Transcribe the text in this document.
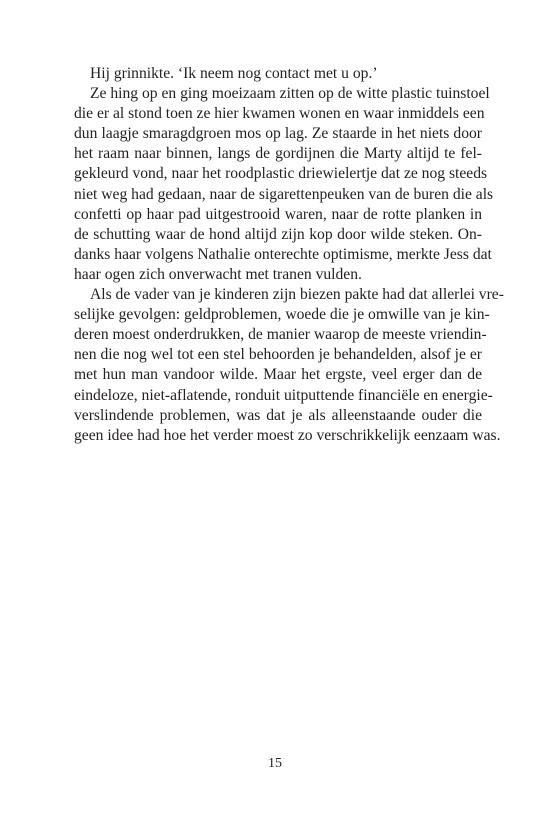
Hij grinnikte. ‘Ik neem nog contact met u op.’
Ze hing op en ging moeizaam zitten op de witte plastic tuinstoel
die er al stond toen ze hier kwamen wonen en waar inmiddels een
dun laagje smaragdgroen mos op lag. Ze staarde in het niets door
het raam naar binnen, langs de gordijnen die Marty altijd te fel-
gekleurd vond, naar het roodplastic driewielertje dat ze nog steeds
niet weg had gedaan, naar de sigarettenpeuken van de buren die als
confetti op haar pad uitgestrooid waren, naar de rotte planken in
de schutting waar de hond altijd zijn kop door wilde steken. On-
danks haar volgens Nathalie onterechte optimisme, merkte Jess dat
haar ogen zich onverwacht met tranen vulden.
Als de vader van je kinderen zijn biezen pakte had dat allerlei vre-
selijke gevolgen: geldproblemen, woede die je omwille van je kin-
deren moest onderdrukken, de manier waarop de meeste vriendin-
nen die nog wel tot een stel behoorden je behandelden, alsof je er
met hun man vandoor wilde. Maar het ergste, veel erger dan de
eindeloze, niet-aflatende, ronduit uitputtende financiële en energie-
verslindende problemen, was dat je als alleenstaande ouder die
geen idee had hoe het verder moest zo verschrikkelijk eenzaam was.
15
